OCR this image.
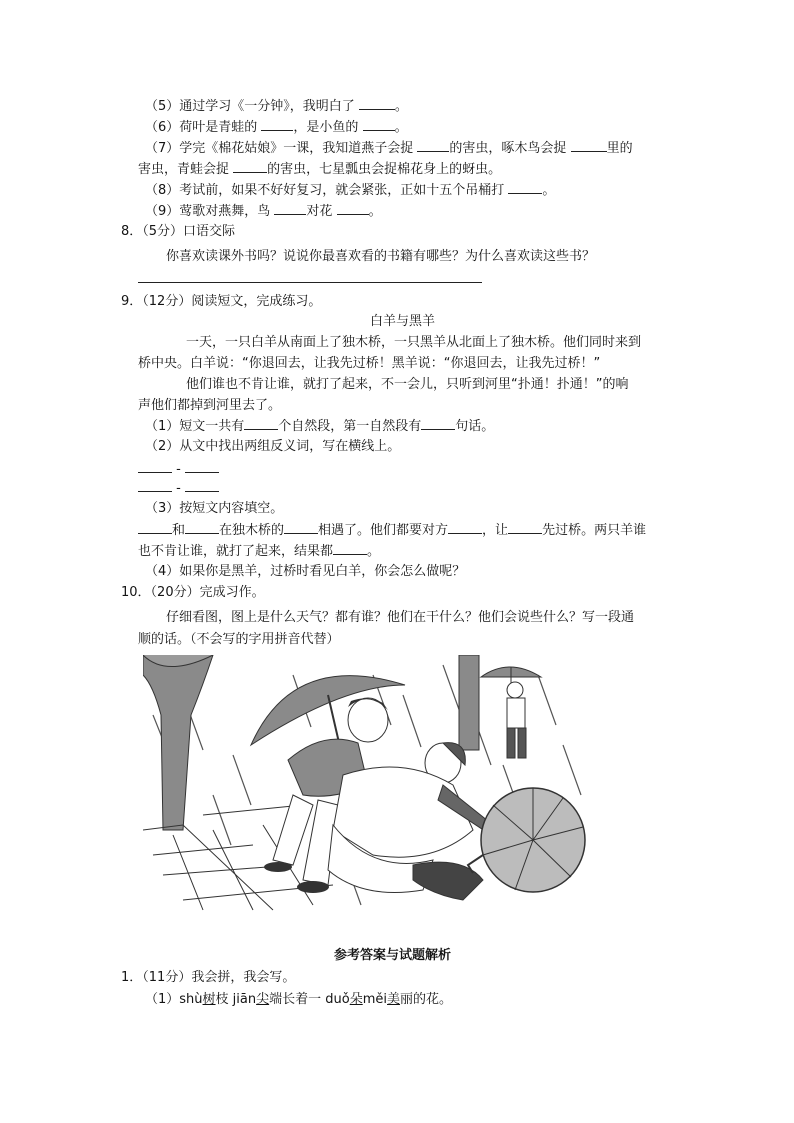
（5）通过学习《一分钟》，我明白了	。
（6）荷叶是青蛙的	，是小鱼的	。
（7）学完《棉花姑娘》一课，我知道燕子会捉	的害虫，啄木鸟会捉	里的
害虫，青蛙会捉	的害虫，七星瓢虫会捉棉花身上的蚜虫。
（8）考试前，如果不好好复习，就会紧张，正如十五个吊桶打	。
（9）莺歌对燕舞，鸟	对花	。
8．（5分）口语交际
你喜欢读课外书吗？说说你最喜欢看的书籍有哪些？为什么喜欢读这些书？
9．（12分）阅读短文，完成练习。
白羊与黑羊
一天，一只白羊从南面上了独木桥，一只黑羊从北面上了独木桥。他们同时来到
桥中央。白羊说：“你退回去，让我先过桥！黑羊说：“你退回去，让我先过桥！”
他们谁也不肯让谁，就打了起来，不一会儿，只听到河里“扑通！扑通！”的响
声他们都掉到河里去了。
（1）短文一共有	个自然段，第一自然段有	句话。
（2）从文中找出两组反义词，写在横线上。
-
-
（3）按短文内容填空。
和	在独木桥的	相遇了。他们都要对方	，让	先过桥。两只羊谁
也不肯让谁，就打了起来，结果都	。
（4）如果你是黑羊，过桥时看见白羊，你会怎么做呢？
10．（20分）完成习作。
仔细看图，图上是什么天气？都有谁？他们在干什么？他们会说些什么？写一段通
顺的话。（不会写的字用拼音代替）
参考答案与试题解析
1．（11分）我会拼，我会写。
（1）shù树枝 jiān尖端长着一 duǒ朵měi美丽的花。
